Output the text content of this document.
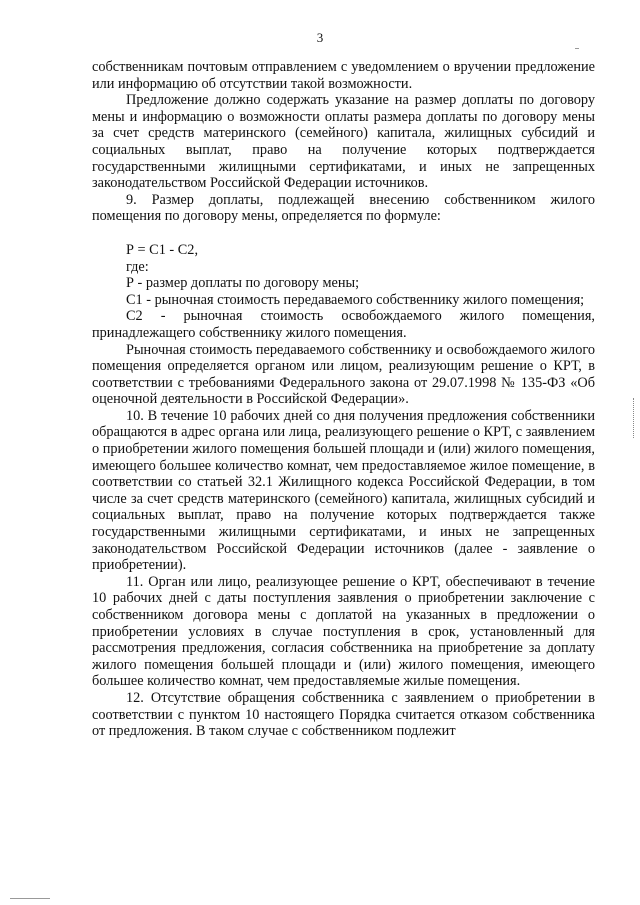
3

собственникам почтовым отправлением с уведомлением о вручении предложение или информацию об отсутствии такой возможности.

Предложение должно содержать указание на размер доплаты по договору мены и информацию о возможности оплаты размера доплаты по договору мены за счет средств материнского (семейного) капитала, жилищных субсидий и социальных выплат, право на получение которых подтверждается государственными жилищными сертификатами, и иных не запрещенных законодательством Российской Федерации источников.

9. Размер доплаты, подлежащей внесению собственником жилого помещения по договору мены, определяется по формуле:

Р = С1 - С2,

где:

Р - размер доплаты по договору мены;

С1 - рыночная стоимость передаваемого собственнику жилого помещения;

С2 - рыночная стоимость освобождаемого жилого помещения, принадлежащего собственнику жилого помещения.

Рыночная стоимость передаваемого собственнику и освобождаемого жилого помещения определяется органом или лицом, реализующим решение о КРТ, в соответствии с требованиями Федерального закона от 29.07.1998 № 135-ФЗ «Об оценочной деятельности в Российской Федерации».

10. В течение 10 рабочих дней со дня получения предложения собственники обращаются в адрес органа или лица, реализующего решение о КРТ, с заявлением о приобретении жилого помещения большей площади и (или) жилого помещения, имеющего большее количество комнат, чем предоставляемое жилое помещение, в соответствии со статьей 32.1 Жилищного кодекса Российской Федерации, в том числе за счет средств материнского (семейного) капитала, жилищных субсидий и социальных выплат, право на получение которых подтверждается также государственными жилищными сертификатами, и иных не запрещенных законодательством Российской Федерации источников (далее - заявление о приобретении).

11. Орган или лицо, реализующее решение о КРТ, обеспечивают в течение 10 рабочих дней с даты поступления заявления о приобретении заключение с собственником договора мены с доплатой на указанных в предложении о приобретении условиях в случае поступления в срок, установленный для рассмотрения предложения, согласия собственника на приобретение за доплату жилого помещения большей площади и (или) жилого помещения, имеющего большее количество комнат, чем предоставляемые жилые помещения.

12. Отсутствие обращения собственника с заявлением о приобретении в соответствии с пунктом 10 настоящего Порядка считается отказом собственника от предложения. В таком случае с собственником подлежит
